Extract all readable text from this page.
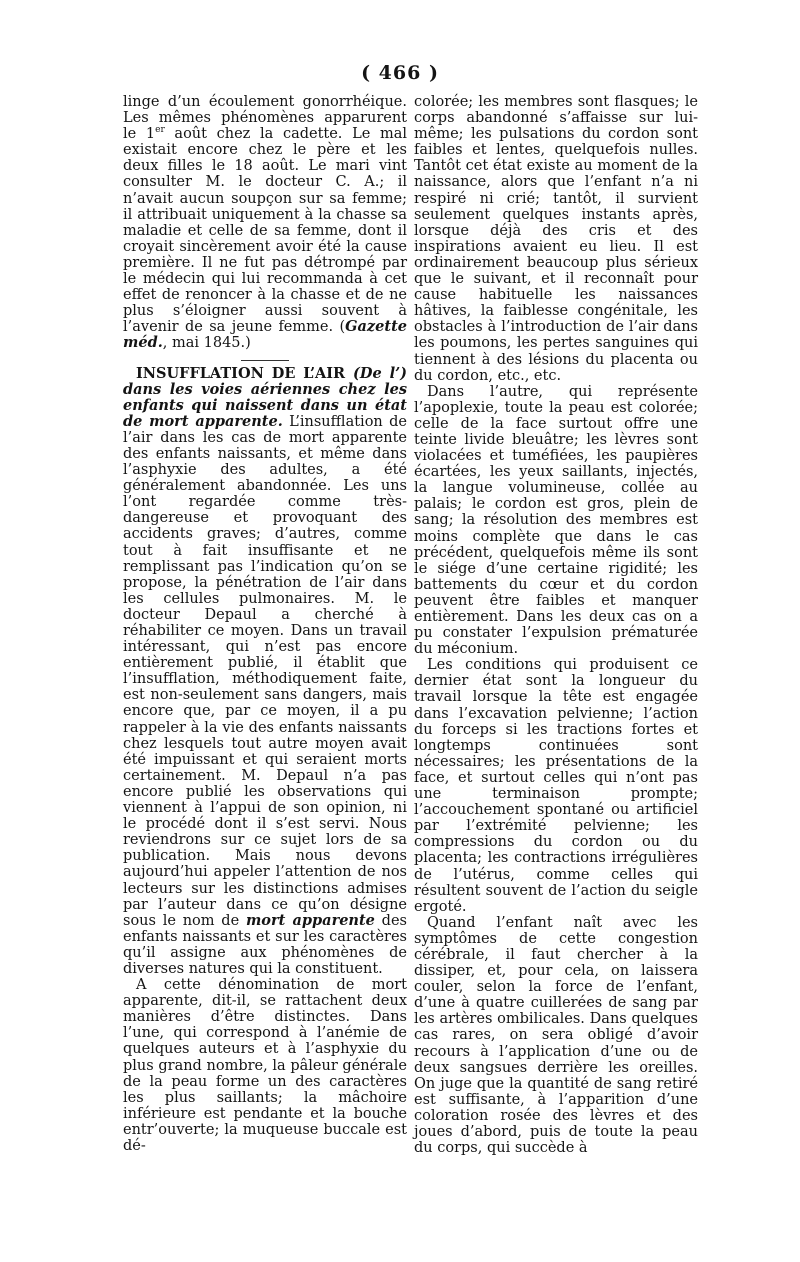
( 466 )

linge d’un écoulement gonorrhéique. Les mêmes phénomènes apparurent le 1er août chez la cadette. Le mal existait encore chez le père et les deux filles le 18 août. Le mari vint consulter M. le docteur C. A.; il n’avait aucun soupçon sur sa femme; il attribuait uniquement à la chasse sa maladie et celle de sa femme, dont il croyait sincèrement avoir été la cause première. Il ne fut pas détrompé par le médecin qui lui recommanda à cet effet de renoncer à la chasse et de ne plus s’éloigner aussi souvent à l’avenir de sa jeune femme. (Gazette méd., mai 1845.)

INSUFFLATION DE L’AIR (De l’) dans les voies aériennes chez les enfants qui naissent dans un état de mort apparente. L’insufflation de l’air dans les cas de mort apparente des enfants naissants, et même dans l’asphyxie des adultes, a été généralement abandonnée. Les uns l’ont regardée comme très-dangereuse et provoquant des accidents graves; d’autres, comme tout à fait insuffisante et ne remplissant pas l’indication qu’on se propose, la pénétration de l’air dans les cellules pulmonaires. M. le docteur Depaul a cherché à réhabiliter ce moyen. Dans un travail intéressant, qui n’est pas encore entièrement publié, il établit que l’insufflation, méthodiquement faite, est non-seulement sans dangers, mais encore que, par ce moyen, il a pu rappeler à la vie des enfants naissants chez lesquels tout autre moyen avait été impuissant et qui seraient morts certainement. M. Depaul n’a pas encore publié les observations qui viennent à l’appui de son opinion, ni le procédé dont il s’est servi. Nous reviendrons sur ce sujet lors de sa publication. Mais nous devons aujourd’hui appeler l’attention de nos lecteurs sur les distinctions admises par l’auteur dans ce qu’on désigne sous le nom de mort apparente des enfants naissants et sur les caractères qu’il assigne aux phénomènes de diverses natures qui la constituent.

A cette dénomination de mort apparente, dit-il, se rattachent deux manières d’être distinctes. Dans l’une, qui correspond à l’anémie de quelques auteurs et à l’asphyxie du plus grand nombre, la pâleur générale de la peau forme un des caractères les plus saillants; la mâchoire inférieure est pendante et la bouche entr’ouverte; la muqueuse buccale est dé-

colorée; les membres sont flasques; le corps abandonné s’affaisse sur lui-même; les pulsations du cordon sont faibles et lentes, quelquefois nulles. Tantôt cet état existe au moment de la naissance, alors que l’enfant n’a ni respiré ni crié; tantôt, il survient seulement quelques instants après, lorsque déjà des cris et des inspirations avaient eu lieu. Il est ordinairement beaucoup plus sérieux que le suivant, et il reconnaît pour cause habituelle les naissances hâtives, la faiblesse congénitale, les obstacles à l’introduction de l’air dans les poumons, les pertes sanguines qui tiennent à des lésions du placenta ou du cordon, etc., etc.

Dans l’autre, qui représente l’apoplexie, toute la peau est colorée; celle de la face surtout offre une teinte livide bleuâtre; les lèvres sont violacées et tuméfiées, les paupières écartées, les yeux saillants, injectés, la langue volumineuse, collée au palais; le cordon est gros, plein de sang; la résolution des membres est moins complète que dans le cas précédent, quelquefois même ils sont le siége d’une certaine rigidité; les battements du cœur et du cordon peuvent être faibles et manquer entièrement. Dans les deux cas on a pu constater l’expulsion prématurée du méconium.

Les conditions qui produisent ce dernier état sont la longueur du travail lorsque la tête est engagée dans l’excavation pelvienne; l’action du forceps si les tractions fortes et longtemps continuées sont nécessaires; les présentations de la face, et surtout celles qui n’ont pas une terminaison prompte; l’accouchement spontané ou artificiel par l’extrémité pelvienne; les compressions du cordon ou du placenta; les contractions irrégulières de l’utérus, comme celles qui résultent souvent de l’action du seigle ergoté.

Quand l’enfant naît avec les symptômes de cette congestion cérébrale, il faut chercher à la dissiper, et, pour cela, on laissera couler, selon la force de l’enfant, d’une à quatre cuillerées de sang par les artères ombilicales. Dans quelques cas rares, on sera obligé d’avoir recours à l’application d’une ou de deux sangsues derrière les oreilles. On juge que la quantité de sang retiré est suffisante, à l’apparition d’une coloration rosée des lèvres et des joues d’abord, puis de toute la peau du corps, qui succède à
